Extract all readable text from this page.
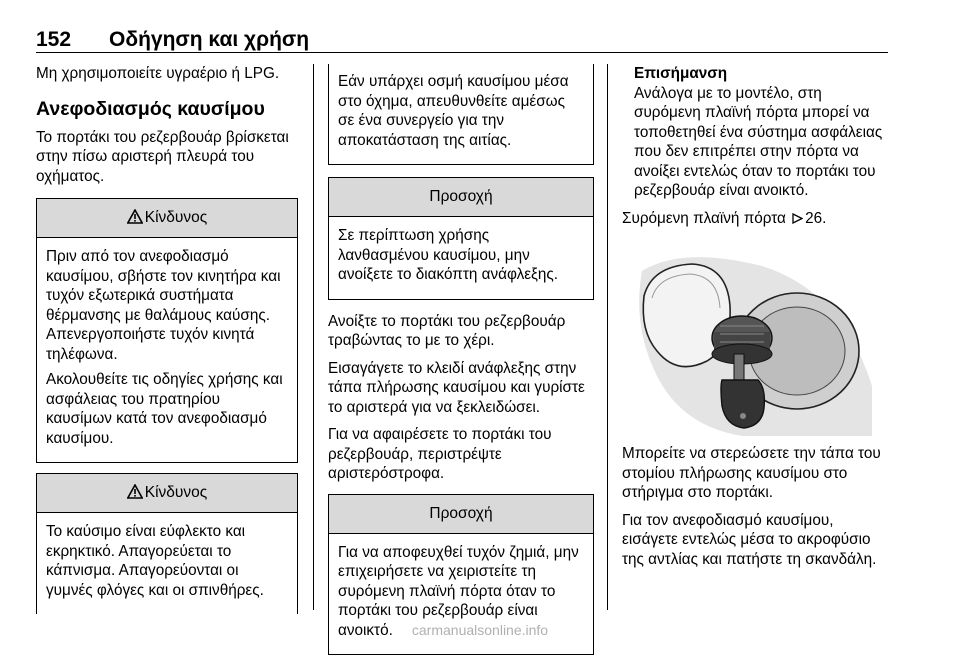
152 Οδήγηση και χρήση

Μη χρησιμοποιείτε υγραέριο ή LPG.

Ανεφοδιασμός καυσίμου

Το πορτάκι του ρεζερβουάρ βρίσκεται στην πίσω αριστερή πλευρά του οχήματος.

Κίνδυνος

Πριν από τον ανεφοδιασμό καυσίμου, σβήστε τον κινητήρα και τυχόν εξωτερικά συστήματα θέρμανσης με θαλάμους καύσης. Απενεργοποιήστε τυχόν κινητά τηλέφωνα.

Ακολουθείτε τις οδηγίες χρήσης και ασφάλειας του πρατηρίου καυσίμων κατά τον ανεφοδιασμό καυσίμου.

Κίνδυνος

Το καύσιμο είναι εύφλεκτο και εκρηκτικό. Απαγορεύεται το κάπνισμα. Απαγορεύονται οι γυμνές φλόγες και οι σπινθήρες.

Εάν υπάρχει οσμή καυσίμου μέσα στο όχημα, απευθυνθείτε αμέσως σε ένα συνεργείο για την αποκατάσταση της αιτίας.

Προσοχή

Σε περίπτωση χρήσης λανθασμένου καυσίμου, μην ανοίξετε το διακόπτη ανάφλεξης.

Ανοίξτε το πορτάκι του ρεζερβουάρ τραβώντας το με το χέρι.

Εισαγάγετε το κλειδί ανάφλεξης στην τάπα πλήρωσης καυσίμου και γυρίστε το αριστερά για να ξεκλειδώσει.

Για να αφαιρέσετε το πορτάκι του ρεζερβουάρ, περιστρέψτε αριστερόστροφα.

Προσοχή

Για να αποφευχθεί τυχόν ζημιά, μην επιχειρήσετε να χειριστείτε τη συρόμενη πλαϊνή πόρτα όταν το πορτάκι του ρεζερβουάρ είναι ανοικτό.

Επισήμανση

Ανάλογα με το μοντέλο, στη συρόμενη πλαϊνή πόρτα μπορεί να τοποθετηθεί ένα σύστημα ασφάλειας που δεν επιτρέπει στην πόρτα να ανοίξει εντελώς όταν το πορτάκι του ρεζερβουάρ είναι ανοικτό.

Συρόμενη πλαϊνή πόρτα 26.

Μπορείτε να στερεώσετε την τάπα του στομίου πλήρωσης καυσίμου στο στήριγμα στο πορτάκι.

Για τον ανεφοδιασμό καυσίμου, εισάγετε εντελώς μέσα το ακροφύσιο της αντλίας και πατήστε τη σκανδάλη.

carmanualsonline.info
